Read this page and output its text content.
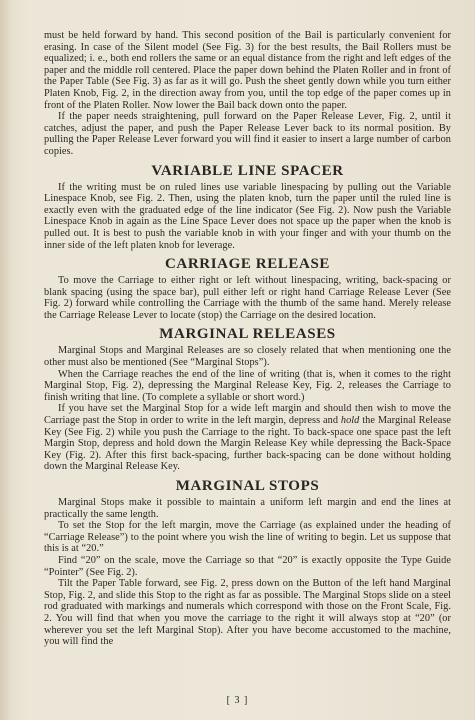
must be held forward by hand. This second position of the Bail is particularly convenient for erasing. In case of the Silent model (See Fig. 3) for the best results, the Bail Rollers must be equalized; i. e., both end rollers the same or an equal distance from the right and left edges of the paper and the middle roll centered. Place the paper down behind the Platen Roller and in front of the Paper Table (See Fig. 3) as far as it will go. Push the sheet gently down while you turn either Platen Knob, Fig. 2, in the direction away from you, until the top edge of the paper comes up in front of the Platen Roller. Now lower the Bail back down onto the paper.

If the paper needs straightening, pull forward on the Paper Release Lever, Fig. 2, until it catches, adjust the paper, and push the Paper Release Lever back to its normal position. By pulling the Paper Release Lever forward you will find it easier to insert a large number of carbon copies.

VARIABLE LINE SPACER

If the writing must be on ruled lines use variable linespacing by pulling out the Variable Linespace Knob, see Fig. 2. Then, using the platen knob, turn the paper until the ruled line is exactly even with the graduated edge of the line indicator (See Fig. 2). Now push the Variable Linespace Knob in again as the Line Space Lever does not space up the paper when the knob is pulled out. It is best to push the variable knob in with your finger and with your thumb on the inner side of the left platen knob for leverage.

CARRIAGE RELEASE

To move the Carriage to either right or left without linespacing, writing, back-spacing or blank spacing (using the space bar), pull either left or right hand Carriage Release Lever (See Fig. 2) forward while controlling the Carriage with the thumb of the same hand. Merely release the Carriage Release Lever to locate (stop) the Carriage on the desired location.

MARGINAL RELEASES

Marginal Stops and Marginal Releases are so closely related that when mentioning one the other must also be mentioned (See “Marginal Stops”).

When the Carriage reaches the end of the line of writing (that is, when it comes to the right Marginal Stop, Fig. 2), depressing the Marginal Release Key, Fig. 2, releases the Carriage to finish writing that line. (To complete a syllable or short word.)

If you have set the Marginal Stop for a wide left margin and should then wish to move the Carriage past the Stop in order to write in the left margin, depress and hold the Marginal Release Key (See Fig. 2) while you push the Carriage to the right. To back-space one space past the left Margin Stop, depress and hold down the Margin Release Key while depressing the Back-Space Key (Fig. 2). After this first back-spacing, further back-spacing can be done without holding down the Marginal Release Key.

MARGINAL STOPS

Marginal Stops make it possible to maintain a uniform left margin and end the lines at practically the same length.

To set the Stop for the left margin, move the Carriage (as explained under the heading of “Carriage Release”) to the point where you wish the line of writing to begin. Let us suppose that this is at “20.”

Find “20” on the scale, move the Carriage so that “20” is exactly opposite the Type Guide “Pointer” (See Fig. 2).

Tilt the Paper Table forward, see Fig. 2, press down on the Button of the left hand Marginal Stop, Fig. 2, and slide this Stop to the right as far as possible. The Marginal Stops slide on a steel rod graduated with markings and numerals which correspond with those on the Front Scale, Fig. 2. You will find that when you move the carriage to the right it will always stop at “20” (or wherever you set the left Marginal Stop). After you have become accustomed to the machine, you will find the

[ 3 ]
